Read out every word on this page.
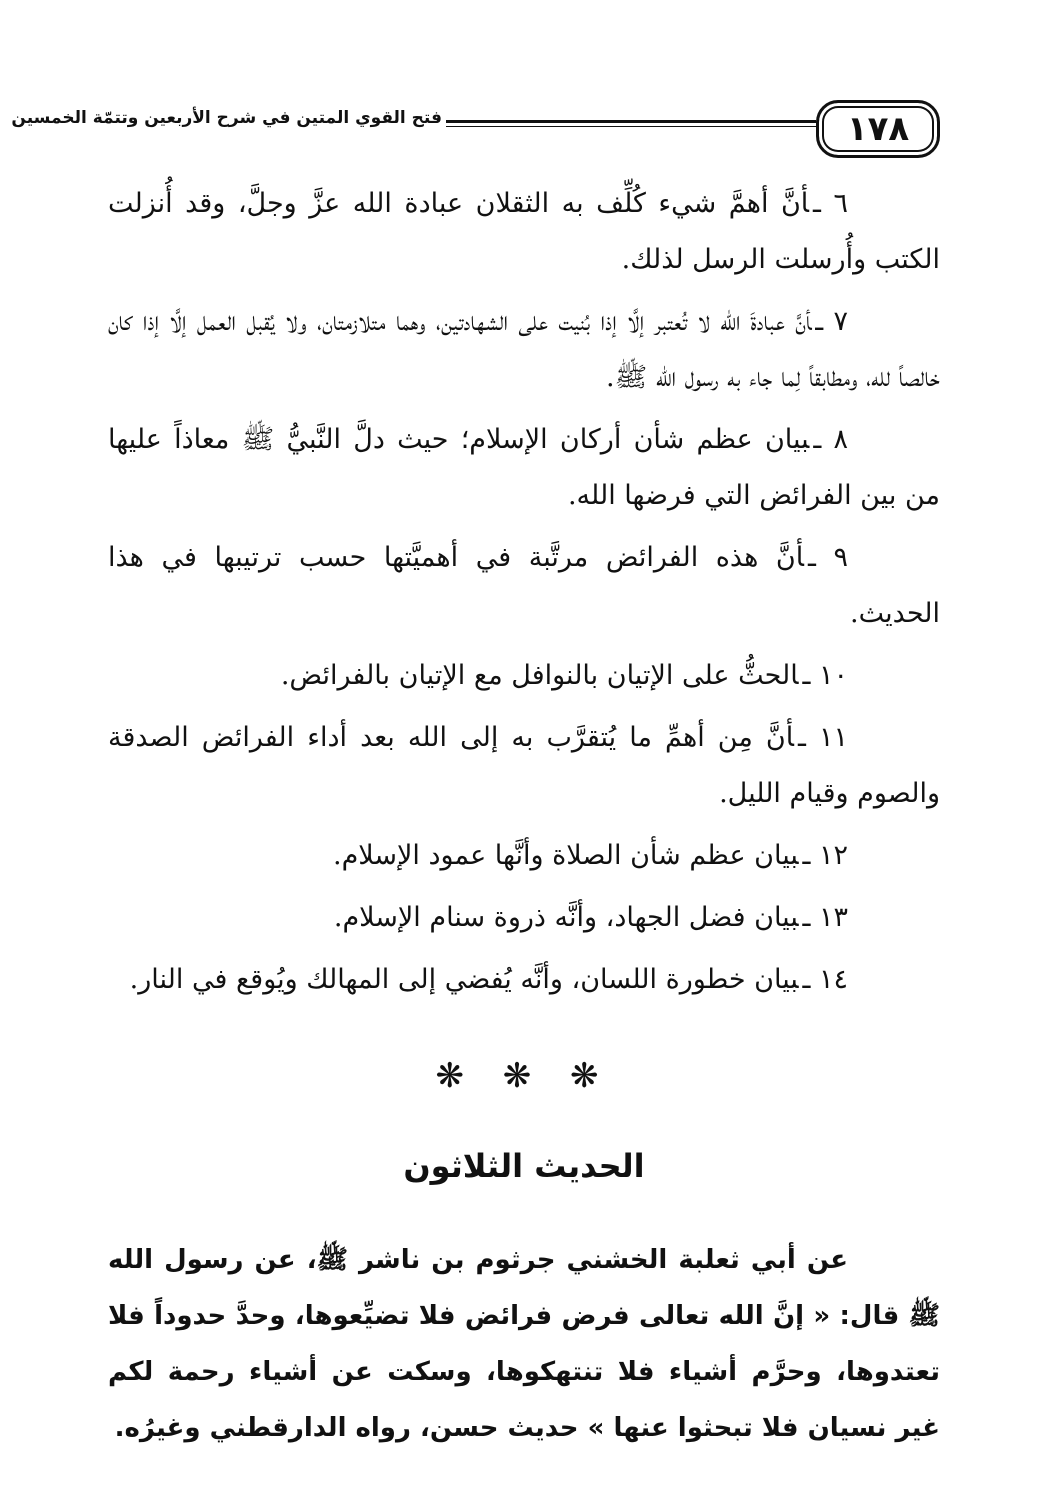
١٧٨
فتح القوي المتين في شرح الأربعين وتتمّة الخمسين

٦ ـأنَّ أهمَّ شيء كُلِّف به الثقلان عبادة الله عزَّ وجلَّ، وقد أُنزلت الكتب وأُرسلت الرسل لذلك.

٧ ـأنَّ عبادةَ الله لا تُعتبر إلَّا إذا بُنيت على الشهادتين، وهما متلازمتان، ولا يُقبل العمل إلَّا إذا كان خالصاً لله، ومطابقاً لِما جاء به رسول الله ﷺ.

٨ ـبيان عظم شأن أركان الإسلام؛ حيث دلَّ النَّبيُّ ﷺ معاذاً عليها من بين الفرائض التي فرضها الله.

٩ ـأنَّ هذه الفرائض مرتَّبة في أهميَّتها حسب ترتيبها في هذا الحديث.

١٠ ـالحثُّ على الإتيان بالنوافل مع الإتيان بالفرائض.

١١ ـأنَّ مِن أهمِّ ما يُتقرَّب به إلى الله بعد أداء الفرائض الصدقة والصوم وقيام الليل.

١٢ ـبيان عظم شأن الصلاة وأنَّها عمود الإسلام.

١٣ ـبيان فضل الجهاد، وأنَّه ذروة سنام الإسلام.

١٤ ـبيان خطورة اللسان، وأنَّه يُفضي إلى المهالك ويُوقع في النار.

❋ ❋ ❋
الحديث الثلاثون

عن أبي ثعلبة الخشني جرثوم بن ناشر ﷺ، عن رسول الله ﷺ قال: « إنَّ الله تعالى فرض فرائض فلا تضيِّعوها، وحدَّ حدوداً فلا تعتدوها، وحرَّم أشياء فلا تنتهكوها، وسكت عن أشياء رحمة لكم غير نسيان فلا تبحثوا عنها » حديث حسن، رواه الدارقطني وغيرُه.
